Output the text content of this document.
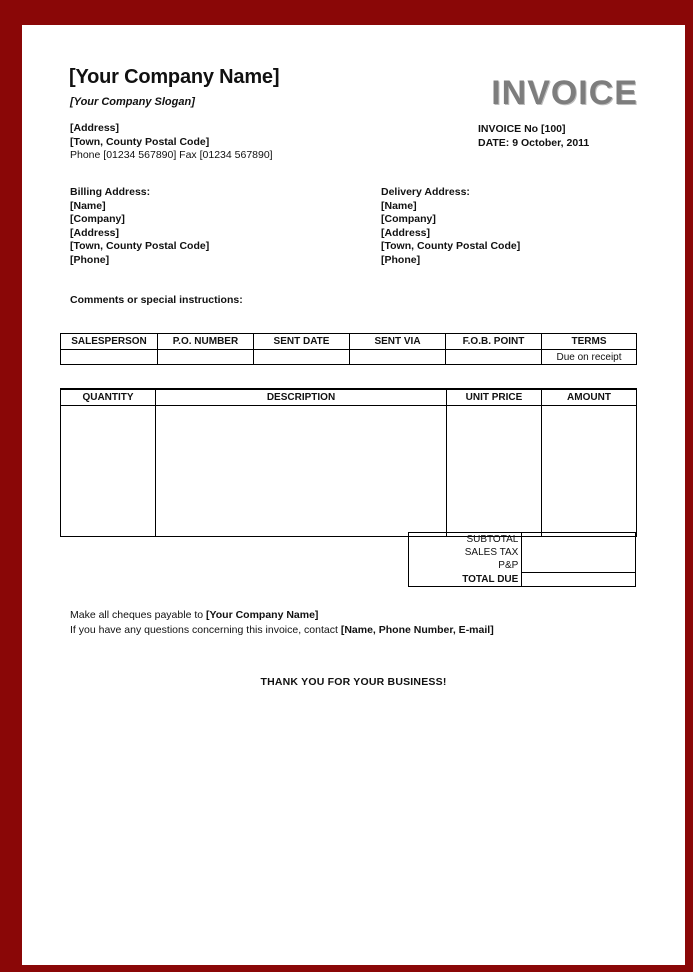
[Your Company Name]
[Your Company Slogan]
[Address]
[Town, County Postal Code]
Phone [01234 567890] Fax [01234 567890]
INVOICE
INVOICE No [100]
DATE: 9 October, 2011
Billing Address:
[Name]
[Company]
[Address]
[Town, County Postal Code]
[Phone]
Delivery Address:
[Name]
[Company]
[Address]
[Town, County Postal Code]
[Phone]
Comments or special instructions:
SALESPERSON	P.O. NUMBER	SENT DATE	SENT VIA	F.O.B. POINT	TERMS
					Due on receipt
QUANTITY	DESCRIPTION	UNIT PRICE	AMOUNT

	SUBTOTAL	
	SALES TAX	
	P&P	
	TOTAL DUE	
Make all cheques payable to [Your Company Name]
If you have any questions concerning this invoice, contact [Name, Phone Number, E-mail]
THANK YOU FOR YOUR BUSINESS!
